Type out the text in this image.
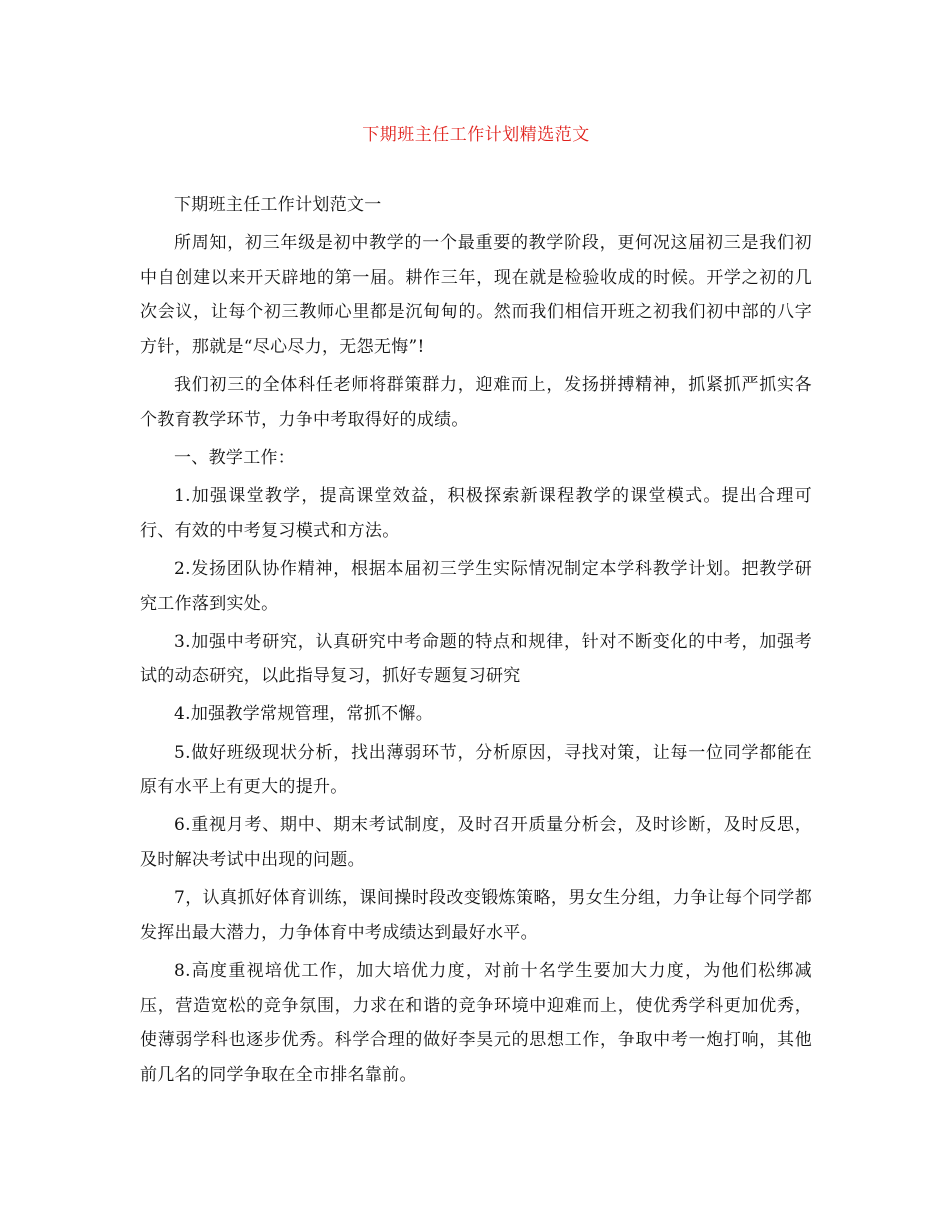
下期班主任工作计划精选范文
下期班主任工作计划范文一
所周知，初三年级是初中教学的一个最重要的教学阶段，更何况这届初三是我们初中自创建以来开天辟地的第一届。耕作三年，现在就是检验收成的时候。开学之初的几次会议，让每个初三教师心里都是沉甸甸的。然而我们相信开班之初我们初中部的八字方针，那就是“尽心尽力，无怨无悔”!
我们初三的全体科任老师将群策群力，迎难而上，发扬拼搏精神，抓紧抓严抓实各个教育教学环节，力争中考取得好的成绩。
一、教学工作：
1.加强课堂教学，提高课堂效益，积极探索新课程教学的课堂模式。提出合理可行、有效的中考复习模式和方法。
2.发扬团队协作精神，根据本届初三学生实际情况制定本学科教学计划。把教学研究工作落到实处。
3.加强中考研究，认真研究中考命题的特点和规律，针对不断变化的中考，加强考试的动态研究，以此指导复习，抓好专题复习研究
4.加强教学常规管理，常抓不懈。
5.做好班级现状分析，找出薄弱环节，分析原因，寻找对策，让每一位同学都能在原有水平上有更大的提升。
6.重视月考、期中、期末考试制度，及时召开质量分析会，及时诊断，及时反思，及时解决考试中出现的问题。
7，认真抓好体育训练，课间操时段改变锻炼策略，男女生分组，力争让每个同学都发挥出最大潜力，力争体育中考成绩达到最好水平。
8.高度重视培优工作，加大培优力度，对前十名学生要加大力度，为他们松绑减压，营造宽松的竞争氛围，力求在和谐的竞争环境中迎难而上，使优秀学科更加优秀，使薄弱学科也逐步优秀。科学合理的做好李昊元的思想工作，争取中考一炮打响，其他前几名的同学争取在全市排名靠前。
